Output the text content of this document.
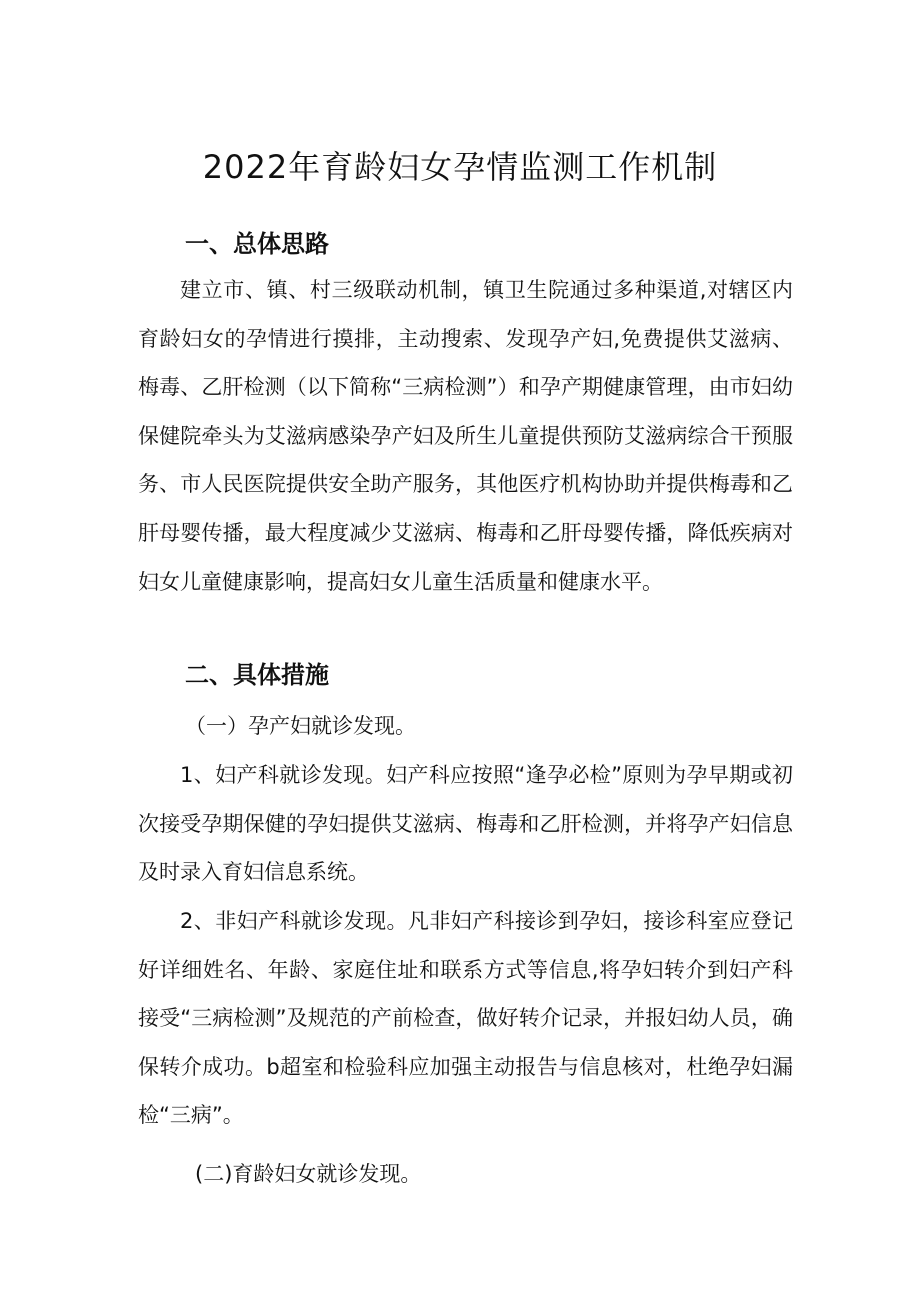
2022年育龄妇女孕情监测工作机制
一、总体思路

建立市、镇、村三级联动机制，镇卫生院通过多种渠道,对辖区内育龄妇女的孕情进行摸排，主动搜索、发现孕产妇,免费提供艾滋病、梅毒、乙肝检测（以下简称“三病检测”）和孕产期健康管理，由市妇幼保健院牵头为艾滋病感染孕产妇及所生儿童提供预防艾滋病综合干预服务、市人民医院提供安全助产服务，其他医疗机构协助并提供梅毒和乙肝母婴传播，最大程度减少艾滋病、梅毒和乙肝母婴传播，降低疾病对妇女儿童健康影响，提高妇女儿童生活质量和健康水平。

二、具体措施
（一）孕产妇就诊发现。

1、妇产科就诊发现。妇产科应按照“逢孕必检”原则为孕早期或初次接受孕期保健的孕妇提供艾滋病、梅毒和乙肝检测，并将孕产妇信息及时录入育妇信息系统。

2、非妇产科就诊发现。凡非妇产科接诊到孕妇，接诊科室应登记好详细姓名、年龄、家庭住址和联系方式等信息,将孕妇转介到妇产科接受“三病检测”及规范的产前检查，做好转介记录，并报妇幼人员，确保转介成功。b超室和检验科应加强主动报告与信息核对，杜绝孕妇漏检“三病”。

(二)育龄妇女就诊发现。
